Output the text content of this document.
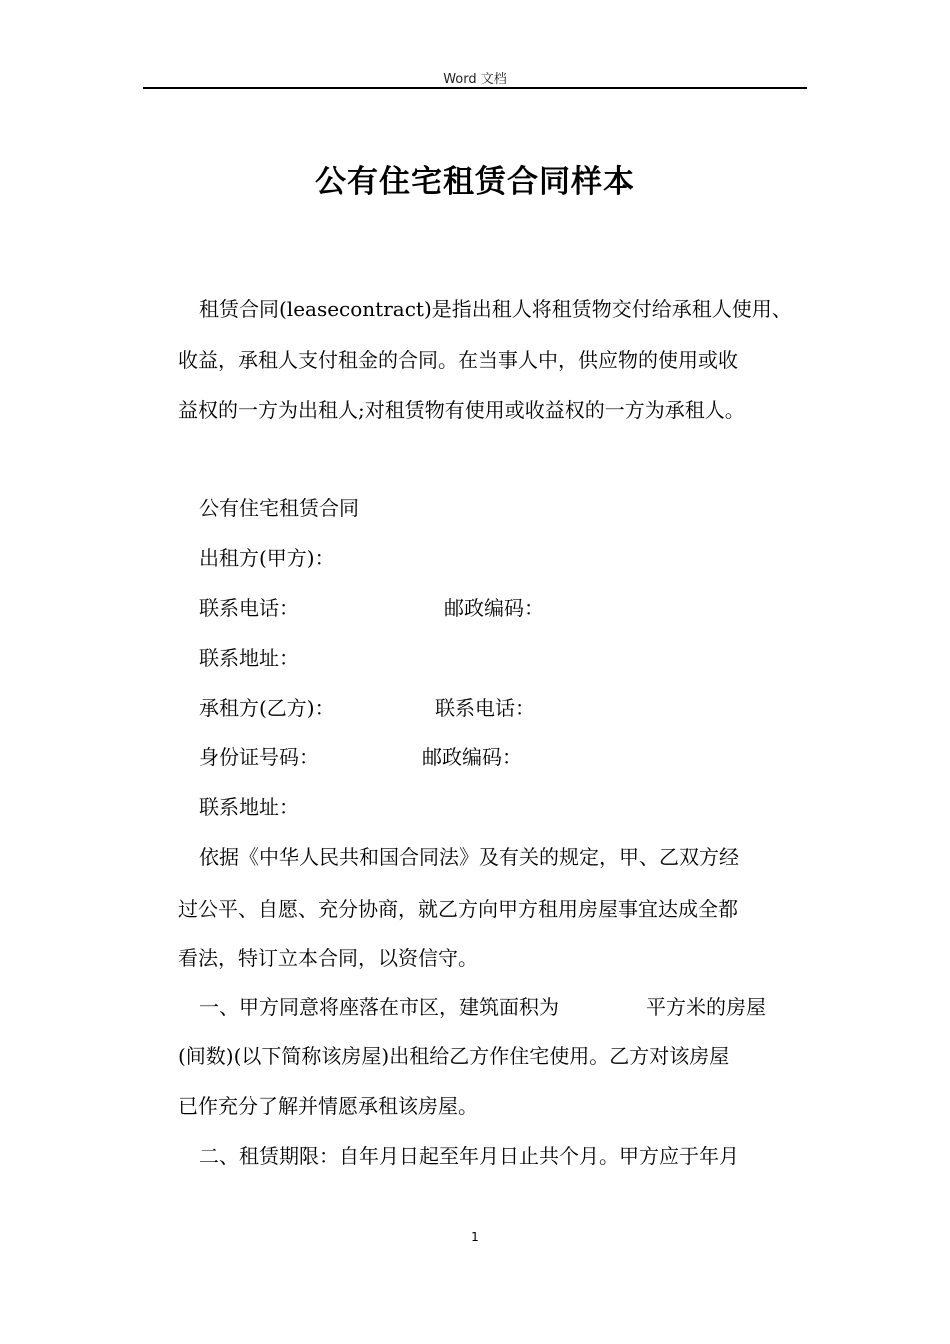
Word 文档
公有住宅租赁合同样本
租赁合同(leasecontract)是指出租人将租赁物交付给承租人使用、
收益，承租人支付租金的合同。在当事人中，供应物的使用或收
益权的一方为出租人;对租赁物有使用或收益权的一方为承租人。
公有住宅租赁合同
出租方(甲方)：
联系电话：	邮政编码：
联系地址：
承租方(乙方)：	联系电话：
身份证号码：	邮政编码：
联系地址：
依据《中华人民共和国合同法》及有关的规定，甲、乙双方经
过公平、自愿、充分协商，就乙方向甲方租用房屋事宜达成全都
看法，特订立本合同，以资信守。
一、甲方同意将座落在市区，建筑面积为	平方米的房屋
(间数)(以下简称该房屋)出租给乙方作住宅使用。乙方对该房屋
已作充分了解并情愿承租该房屋。
二、租赁期限：自年月日起至年月日止共个月。甲方应于年月
1
